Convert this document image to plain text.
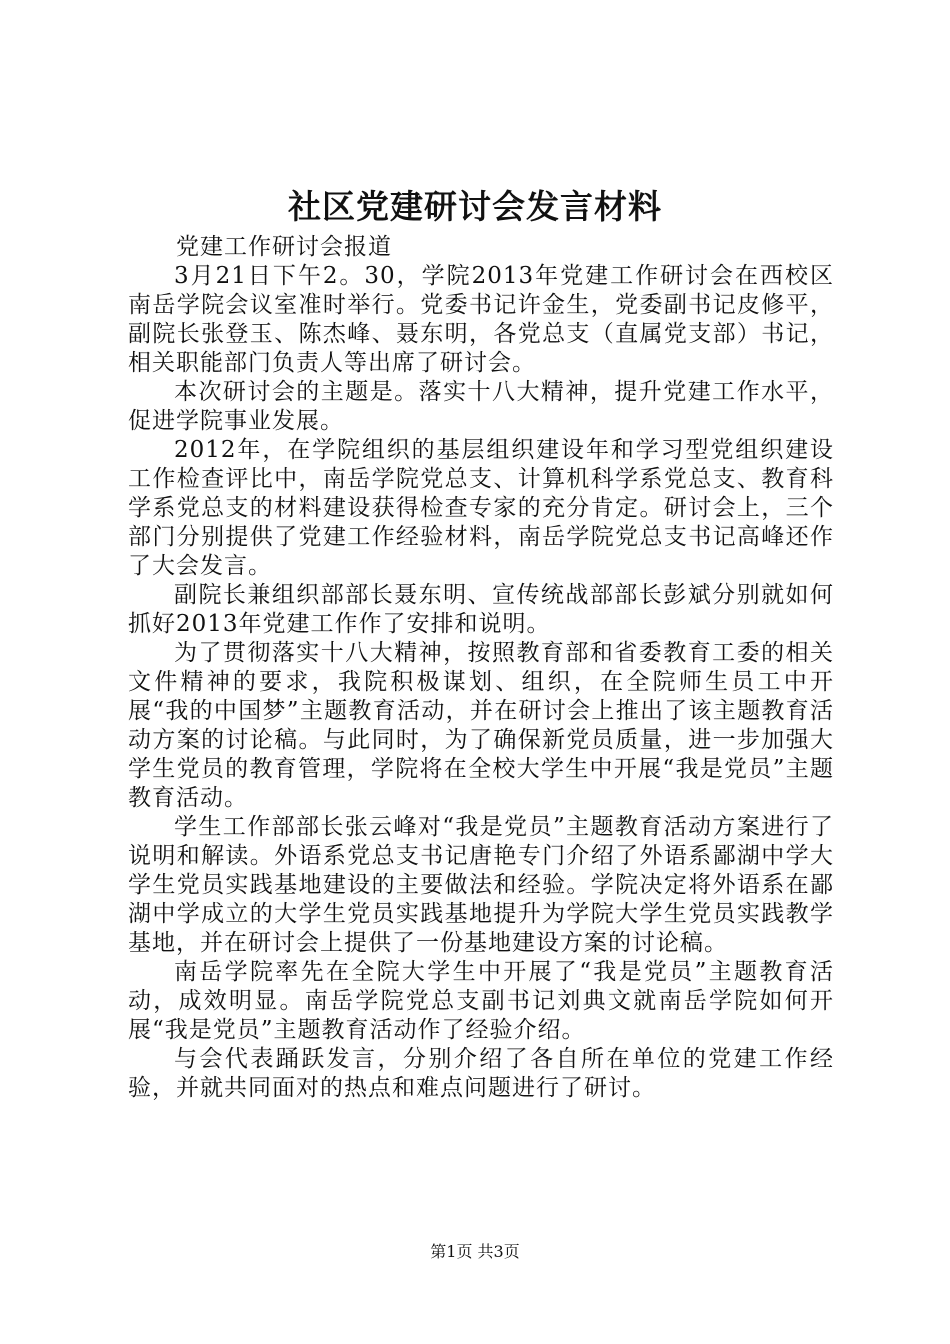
社区党建研讨会发言材料
党建工作研讨会报道

3月21日下午2。30，学院2013年党建工作研讨会在西校区南岳学院会议室准时举行。党委书记许金生，党委副书记皮修平，副院长张登玉、陈杰峰、聂东明，各党总支（直属党支部）书记，相关职能部门负责人等出席了研讨会。

本次研讨会的主题是。落实十八大精神，提升党建工作水平，促进学院事业发展。

2012年，在学院组织的基层组织建设年和学习型党组织建设工作检查评比中，南岳学院党总支、计算机科学系党总支、教育科学系党总支的材料建设获得检查专家的充分肯定。研讨会上，三个部门分别提供了党建工作经验材料，南岳学院党总支书记高峰还作了大会发言。

副院长兼组织部部长聂东明、宣传统战部部长彭斌分别就如何抓好2013年党建工作作了安排和说明。

为了贯彻落实十八大精神，按照教育部和省委教育工委的相关文件精神的要求，我院积极谋划、组织，在全院师生员工中开展“我的中国梦”主题教育活动，并在研讨会上推出了该主题教育活动方案的讨论稿。与此同时，为了确保新党员质量，进一步加强大学生党员的教育管理，学院将在全校大学生中开展“我是党员”主题教育活动。

学生工作部部长张云峰对“我是党员”主题教育活动方案进行了说明和解读。外语系党总支书记唐艳专门介绍了外语系鄙湖中学大学生党员实践基地建设的主要做法和经验。学院决定将外语系在鄙湖中学成立的大学生党员实践基地提升为学院大学生党员实践教学基地，并在研讨会上提供了一份基地建设方案的讨论稿。

南岳学院率先在全院大学生中开展了“我是党员”主题教育活动，成效明显。南岳学院党总支副书记刘典文就南岳学院如何开展“我是党员”主题教育活动作了经验介绍。

与会代表踊跃发言，分别介绍了各自所在单位的党建工作经验，并就共同面对的热点和难点问题进行了研讨。

第1页 共3页
